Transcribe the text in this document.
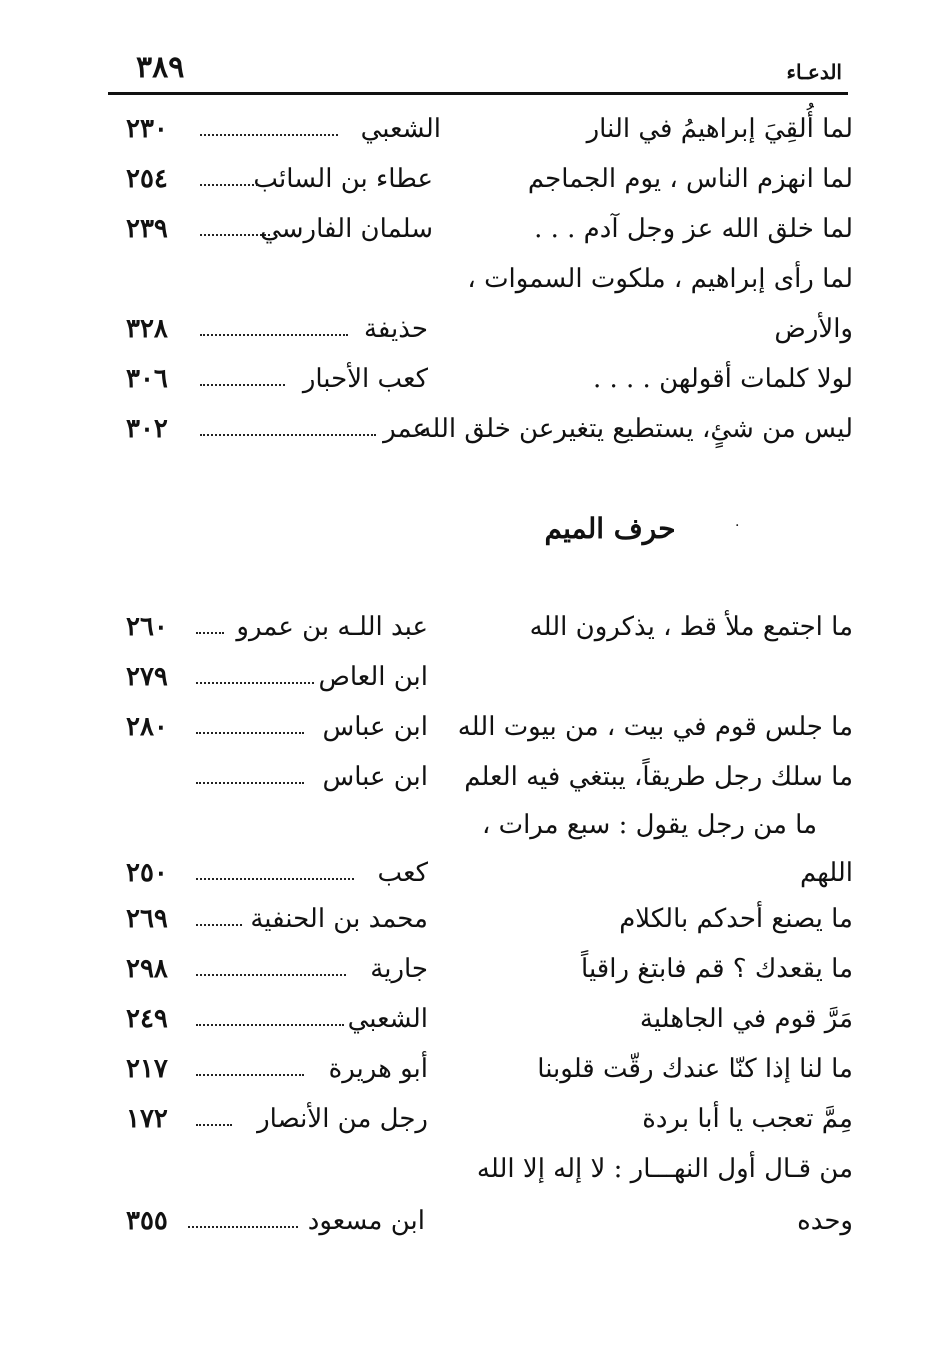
٣٨٩	الدعـاء
لما أُلقِيَ إبراهيمُ في النار
الشعبي
٢٣٠
لما انهزم الناس ، يوم الجماجم
عطاء بن السائب
٢٥٤
لما خلق الله عز وجل آدم . . .
سلمان الفارسي
٢٣٩
لما رأى إبراهيم ، ملكوت السموات ،
والأرض
حذيفة
٣٢٨
لولا كلمات أقولهن . . . .
كعب الأحبار
٣٠٦
ليس من شئٍ، يستطيع يتغيرعن خلق الله
عمر
٣٠٢
·
حرف الميم
ما اجتمع ملأ قط ، يذكرون الله
عبد اللـه بن عمرو
٢٦٠
ابن العاص
٢٧٩
ما جلس قوم في بيت ، من بيوت الله
ابن عباس
٢٨٠
ما سلك رجل طريقاً، يبتغي فيه العلم
ابن عباس
ما من رجل يقول : سبع مرات ،
اللهم
كعب
٢٥٠
ما يصنع أحدكم بالكلام
محمد بن الحنفية
٢٦٩
ما يقعدك ؟ قم فابتغ راقياً
جارية
٢٩٨
مَرَّ قوم في الجاهلية
الشعبي
٢٤٩
ما لنا إذا كنّا عندك رقّت قلوبنا
أبو هريرة
٢١٧
مِمَّ تعجب يا أبا بردة
رجل من الأنصار
١٧٢
من قـال أول النهـــار : لا إله إلا الله
وحده
ابن مسعود
٣٥٥
